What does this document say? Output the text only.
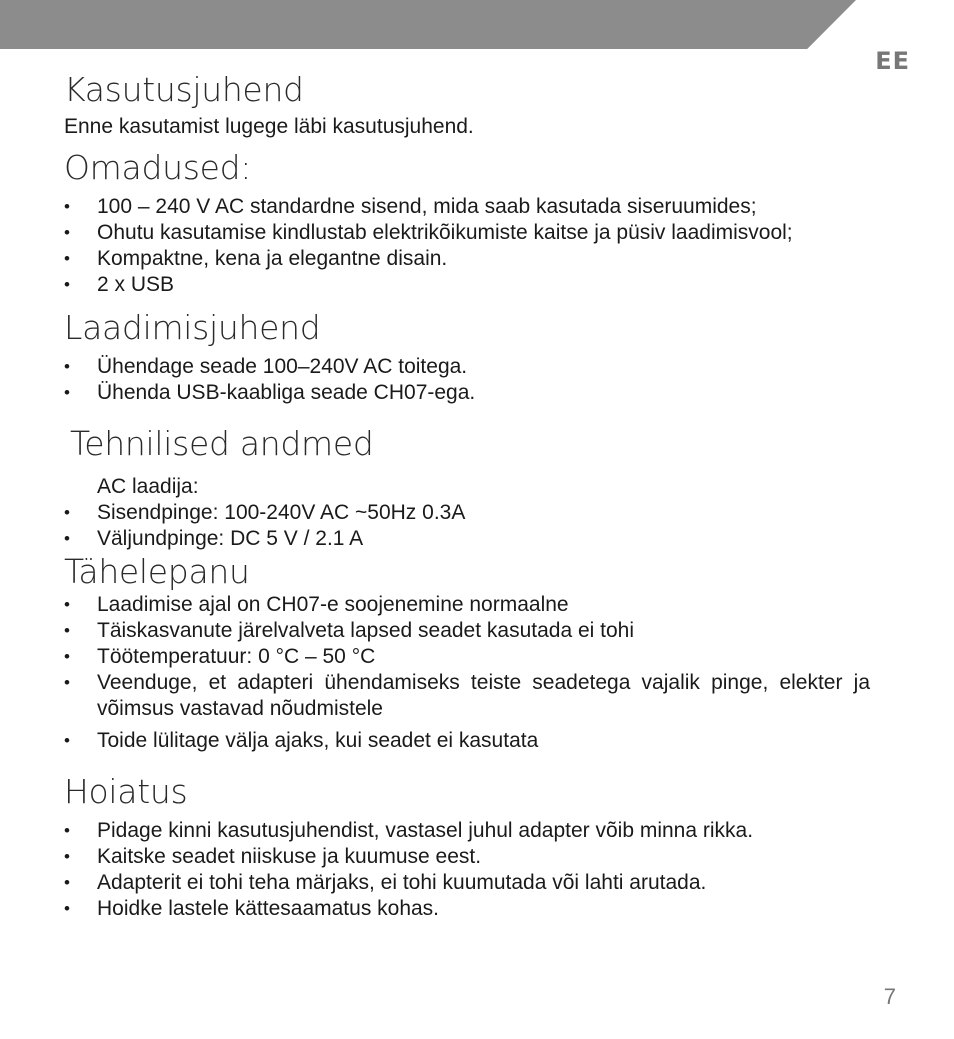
EE
Kasutusjuhend
Enne kasutamist lugege läbi kasutusjuhend.
Omadused:
• 100 – 240 V AC standardne sisend, mida saab kasutada siseruumides;
• Ohutu kasutamise kindlustab elektrikõikumiste kaitse ja püsiv laadimisvool;
• Kompaktne, kena ja elegantne disain.
• 2 x USB
Laadimisjuhend
• Ühendage seade 100–240V AC toitega.
• Ühenda USB-kaabliga seade CH07-ega.
Tehnilised andmed
AC laadija:
• Sisendpinge: 100-240V AC ~50Hz 0.3A
• Väljundpinge: DC 5 V / 2.1 A
Tähelepanu
• Laadimise ajal on CH07-e soojenemine normaalne
• Täiskasvanute järelvalveta lapsed seadet kasutada ei tohi
• Töötemperatuur: 0 °C – 50 °C
• Veenduge, et adapteri ühendamiseks teiste seadetega vajalik pinge, elekter ja võimsus vastavad nõudmistele
• Toide lülitage välja ajaks, kui seadet ei kasutata
Hoiatus
• Pidage kinni kasutusjuhendist, vastasel juhul adapter võib minna rikka.
• Kaitske seadet niiskuse ja kuumuse eest.
• Adapterit ei tohi teha märjaks, ei tohi kuumutada või lahti arutada.
• Hoidke lastele kättesaamatus kohas.
7
